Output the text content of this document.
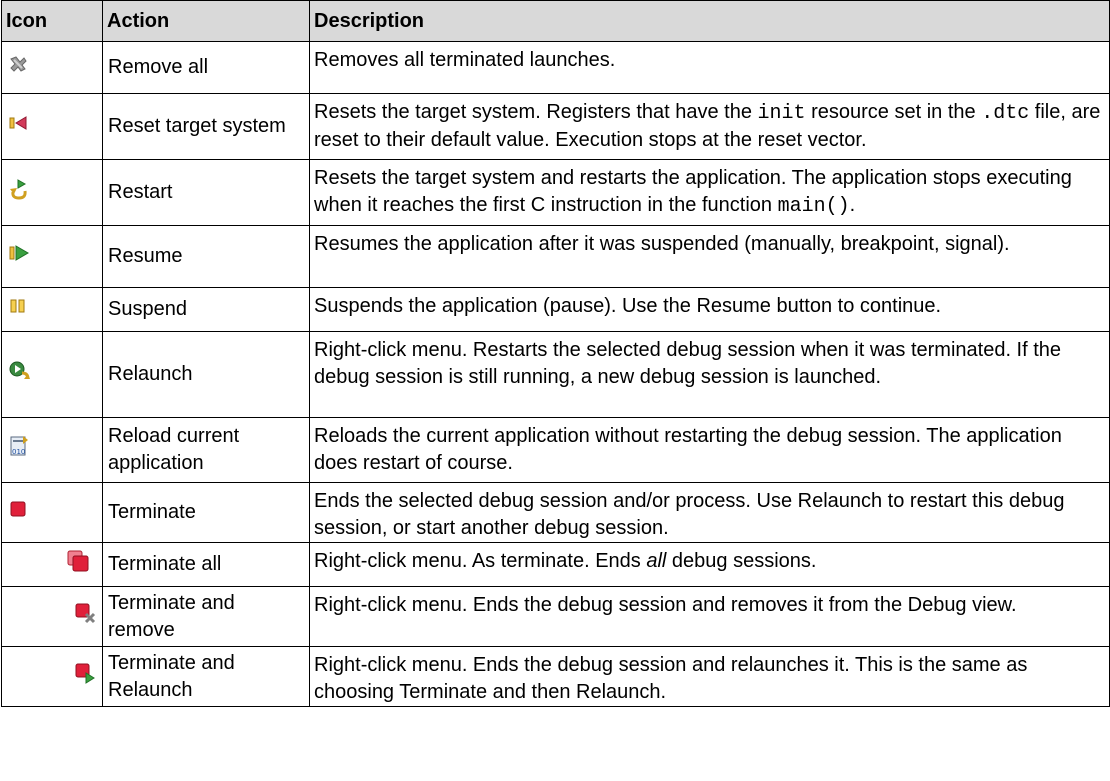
Icon	Action	Description

	Remove all	Removes all terminated launches.

	Reset target system	Resets the target system. Registers that have the init resource set in the .dtc file, are reset to their default value. Execution stops at the reset vector.

	Restart	Resets the target system and restarts the application. The application stops executing when it reaches the first C instruction in the function main().

	Resume	Resumes the application after it was suspended (manually, breakpoint, signal).

	Suspend	Suspends the application (pause). Use the Resume button to continue.

	Relaunch	Right-click menu. Restarts the selected debug session when it was terminated. If the debug session is still running, a new debug session is launched.

010	Reload current application	Reloads the current application without restarting the debug session. The application does restart of course.

	Terminate	Ends the selected debug session and/or process. Use Relaunch to restart this debug session, or start another debug session.

	Terminate all	Right-click menu. As terminate. Ends all debug sessions.

	Terminate and remove	Right-click menu. Ends the debug session and removes it from the Debug view.

	Terminate and Relaunch	Right-click menu. Ends the debug session and relaunches it. This is the same as choosing Terminate and then Relaunch.
